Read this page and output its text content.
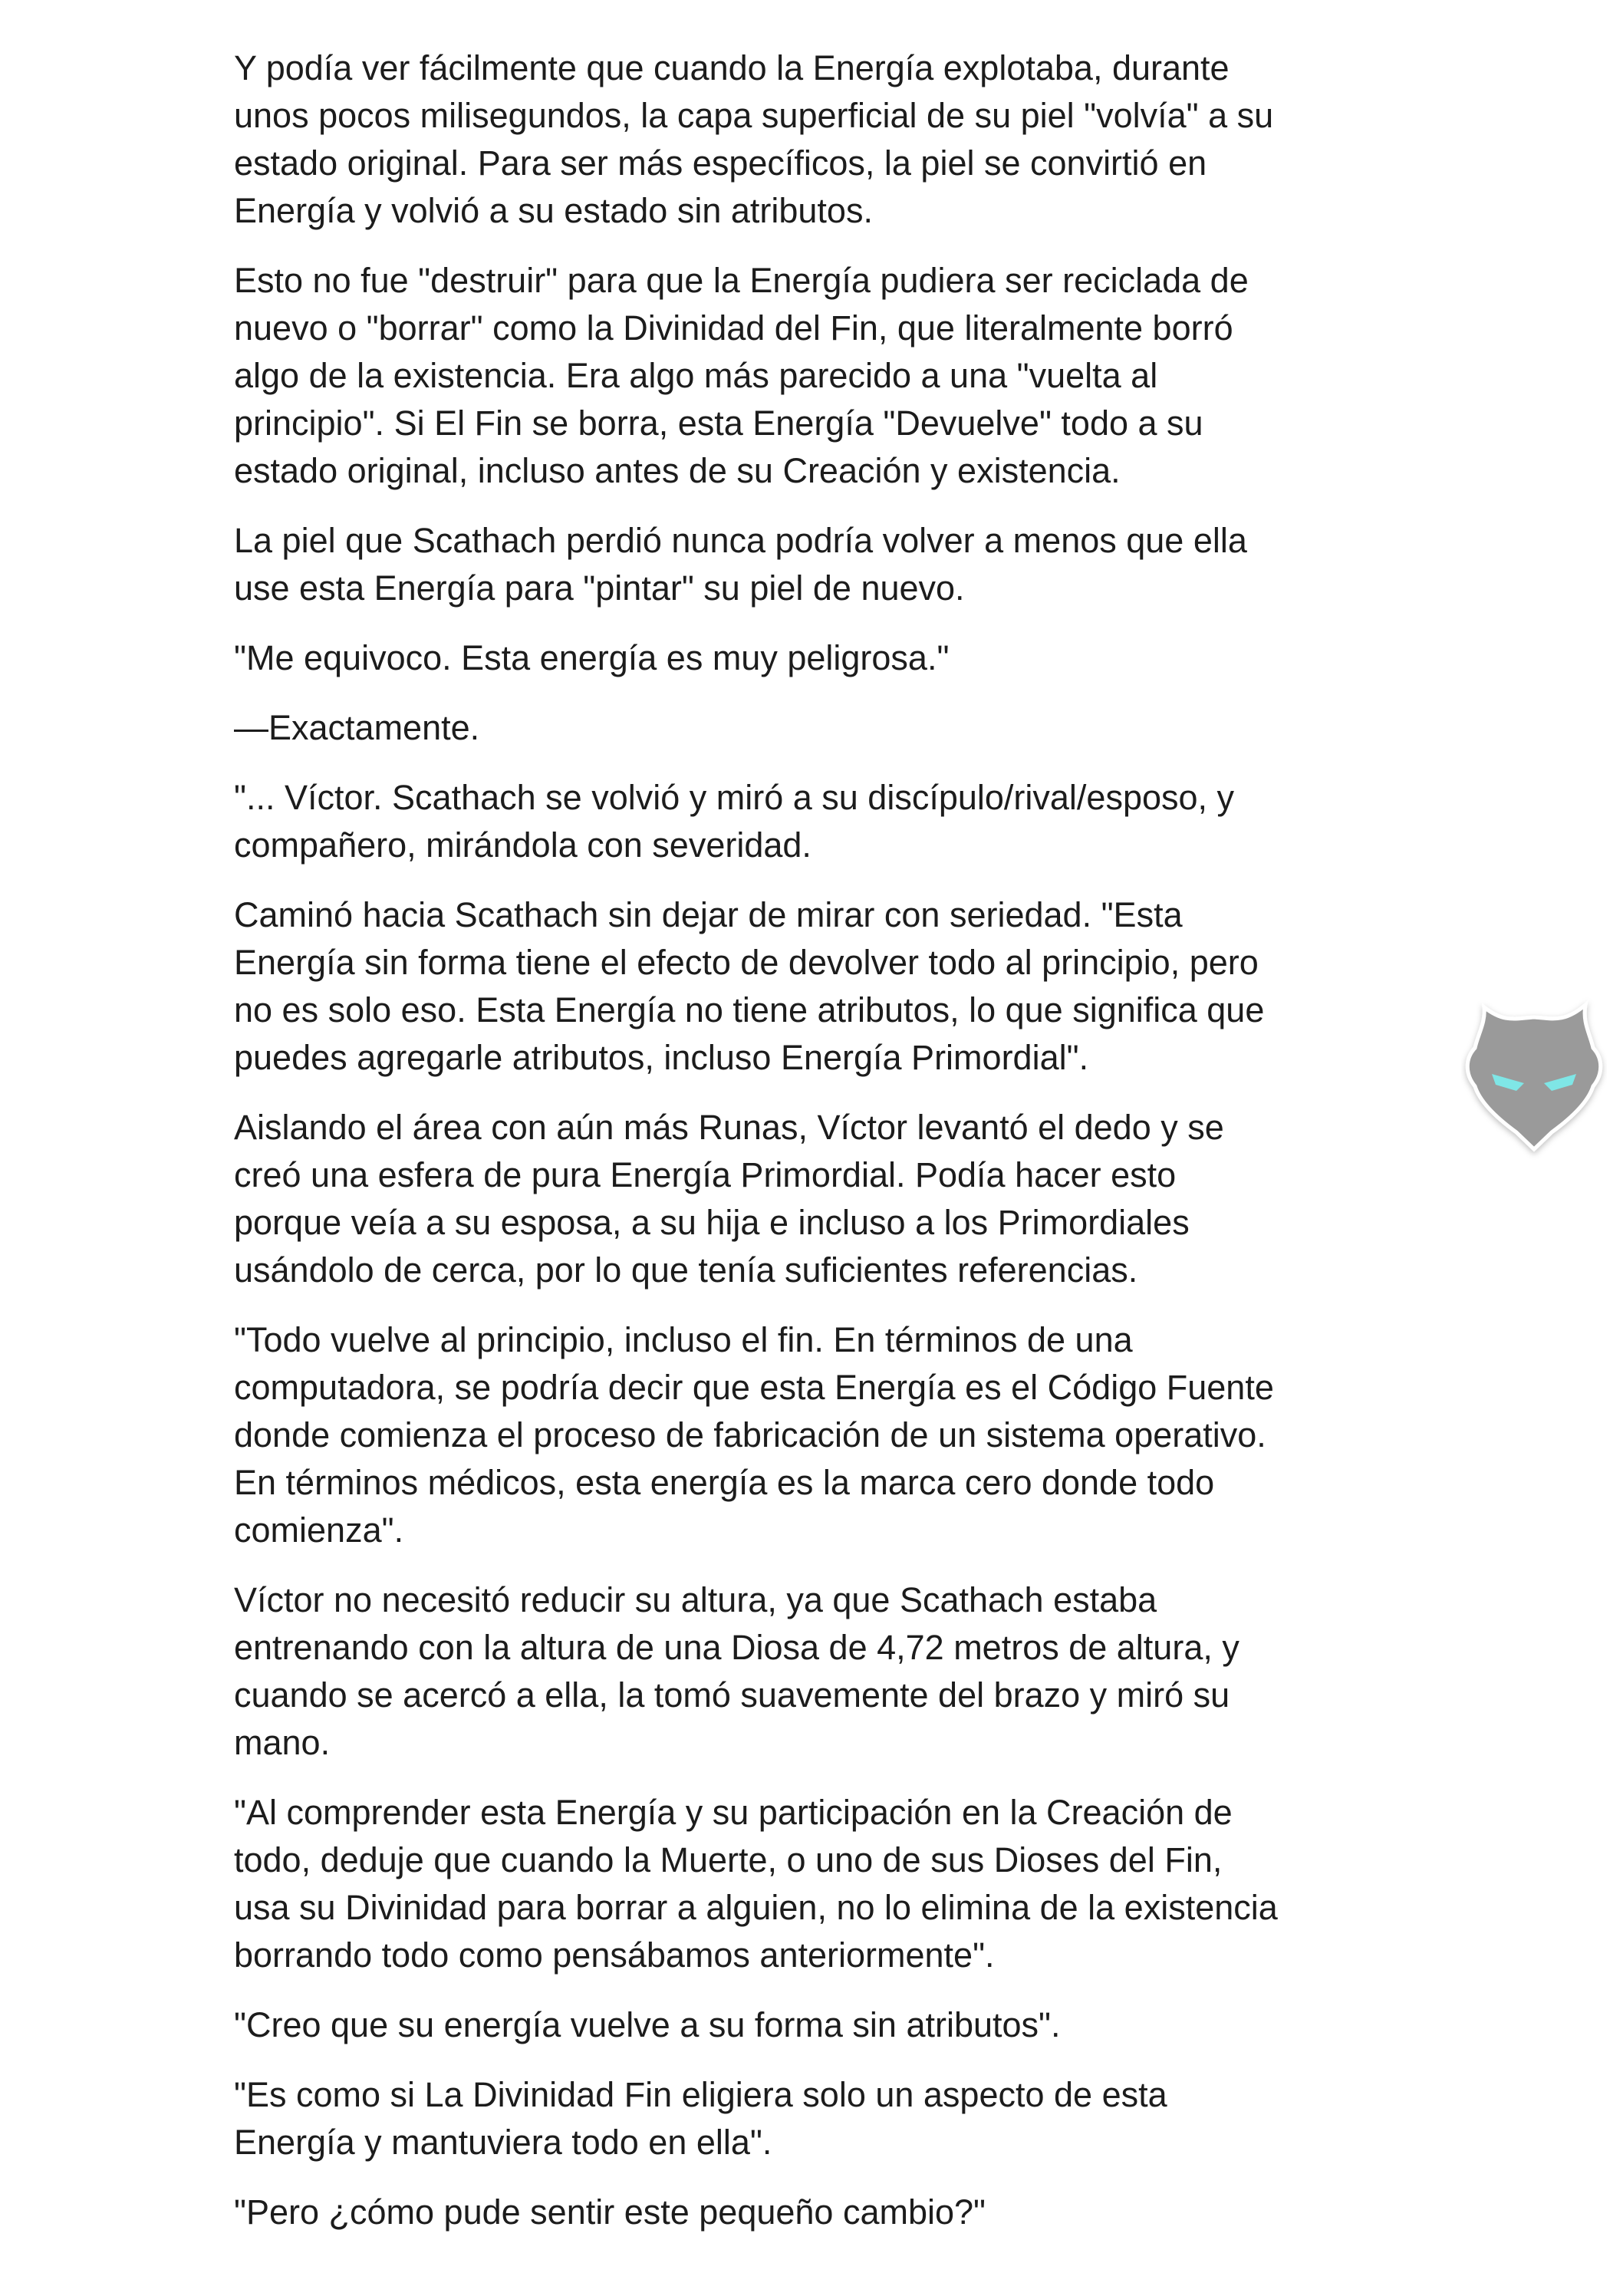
Y podía ver fácilmente que cuando la Energía explotaba, durante
unos pocos milisegundos, la capa superficial de su piel "volvía" a su
estado original. Para ser más específicos, la piel se convirtió en
Energía y volvió a su estado sin atributos.

Esto no fue "destruir" para que la Energía pudiera ser reciclada de
nuevo o "borrar" como la Divinidad del Fin, que literalmente borró
algo de la existencia. Era algo más parecido a una "vuelta al
principio". Si El Fin se borra, esta Energía "Devuelve" todo a su
estado original, incluso antes de su Creación y existencia.

La piel que Scathach perdió nunca podría volver a menos que ella
use esta Energía para "pintar" su piel de nuevo.

"Me equivoco. Esta energía es muy peligrosa."

—Exactamente.

"... Víctor. Scathach se volvió y miró a su discípulo/rival/esposo, y
compañero, mirándola con severidad.

Caminó hacia Scathach sin dejar de mirar con seriedad. "Esta
Energía sin forma tiene el efecto de devolver todo al principio, pero
no es solo eso. Esta Energía no tiene atributos, lo que significa que
puedes agregarle atributos, incluso Energía Primordial".

Aislando el área con aún más Runas, Víctor levantó el dedo y se
creó una esfera de pura Energía Primordial. Podía hacer esto
porque veía a su esposa, a su hija e incluso a los Primordiales
usándolo de cerca, por lo que tenía suficientes referencias.

"Todo vuelve al principio, incluso el fin. En términos de una
computadora, se podría decir que esta Energía es el Código Fuente
donde comienza el proceso de fabricación de un sistema operativo.
En términos médicos, esta energía es la marca cero donde todo
comienza".

Víctor no necesitó reducir su altura, ya que Scathach estaba
entrenando con la altura de una Diosa de 4,72 metros de altura, y
cuando se acercó a ella, la tomó suavemente del brazo y miró su
mano.

"Al comprender esta Energía y su participación en la Creación de
todo, deduje que cuando la Muerte, o uno de sus Dioses del Fin,
usa su Divinidad para borrar a alguien, no lo elimina de la existencia
borrando todo como pensábamos anteriormente".

"Creo que su energía vuelve a su forma sin atributos".

"Es como si La Divinidad Fin eligiera solo un aspecto de esta
Energía y mantuviera todo en ella".

"Pero ¿cómo pude sentir este pequeño cambio?"
